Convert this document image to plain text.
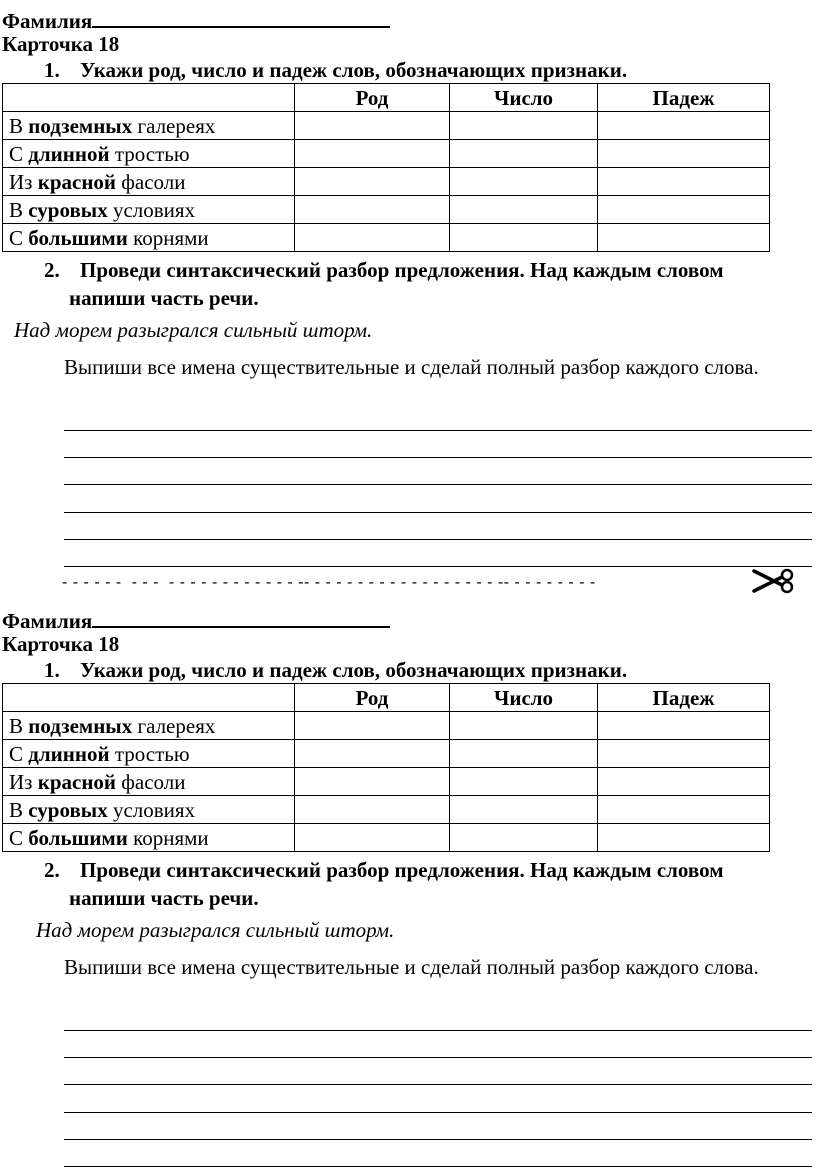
Фамилия
Карточка 18
1. Укажи род, число и падеж слов, обозначающих признаки.
	Род	Число	Падеж
В подземных галереях			
С длинной тростью			
Из красной фасоли			
В суровых условиях			
С большими корнями			
2. Проведи синтаксический разбор предложения. Над каждым словом
напиши часть речи.
Над морем разыгрался сильный шторм.
Выпиши все имена существительные и сделай полный разбор каждого слова.
- - - - - -  - - -  - - - - - - - - - - - - -- - - - - - - - - - - - - - - - - - -- - - - - - - - -
Фамилия
Карточка 18
1. Укажи род, число и падеж слов, обозначающих признаки.
	Род	Число	Падеж
В подземных галереях			
С длинной тростью			
Из красной фасоли			
В суровых условиях			
С большими корнями			
2. Проведи синтаксический разбор предложения. Над каждым словом
напиши часть речи.
Над морем разыгрался сильный шторм.
Выпиши все имена существительные и сделай полный разбор каждого слова.
